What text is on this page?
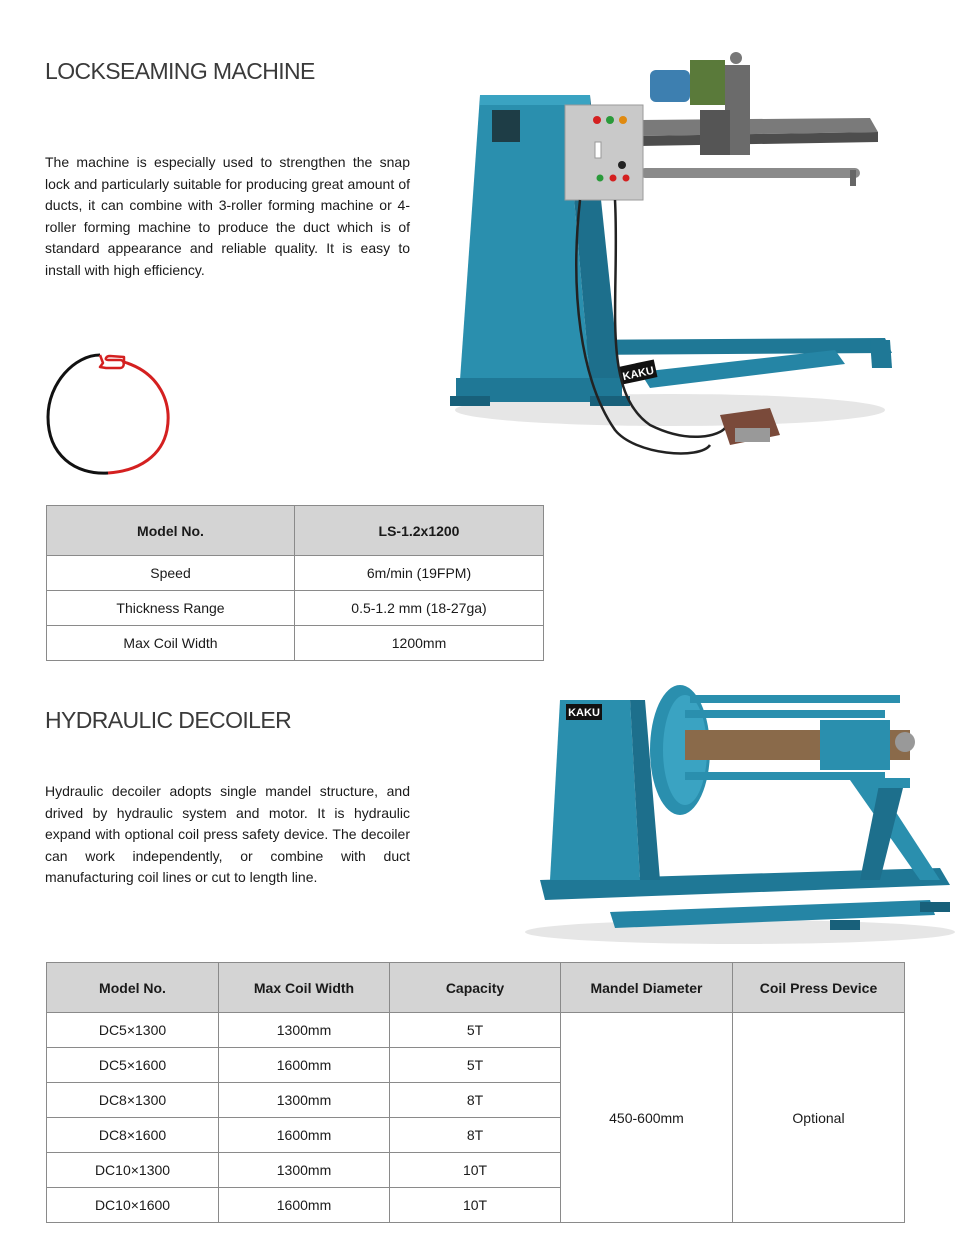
LOCKSEAMING MACHINE

The machine is especially used to strengthen the snap lock and particularly suitable for producing great amount of ducts, it can combine with 3-roller forming machine or 4-roller forming machine to produce the duct which is of standard appearance and reliable quality. It is easy to install with high efficiency.

KAKU
Model No.	LS-1.2x1200
Speed	6m/min (19FPM)
Thickness Range	0.5-1.2 mm (18-27ga)
Max Coil Width	1200mm
HYDRAULIC DECOILER

Hydraulic decoiler adopts single mandel structure, and drived by hydraulic system and motor. It is hydraulic expand with optional coil press safety device. The decoiler can work independently, or combine with duct manufacturing coil lines or cut to length line.

KAKU
Model No.	Max Coil Width	Capacity	Mandel Diameter	Coil Press Device
DC5×1300	1300mm	5T	450-600mm	Optional
DC5×1600	1600mm	5T		
DC8×1300	1300mm	8T		
DC8×1600	1600mm	8T		
DC10×1300	1300mm	10T		
DC10×1600	1600mm	10T		
